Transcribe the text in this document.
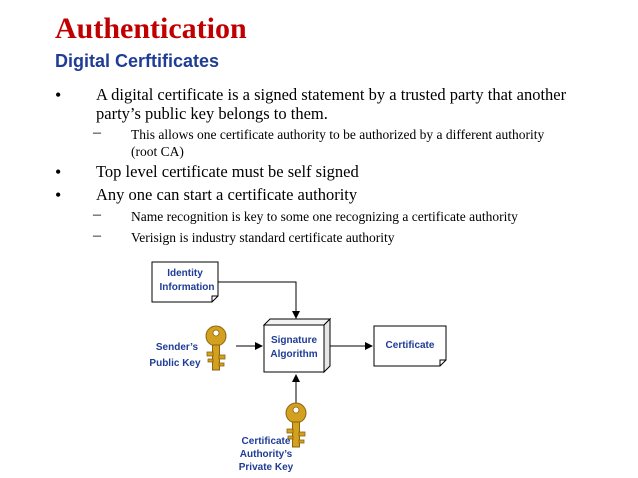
Authentication
Digital Cerftificates
• A digital certificate is a signed statement by a trusted party that another
party’s public key belongs to them.
– This allows one certificate authority to be authorized by a different authority
(root CA)
• Top level certificate must be self signed
• Any one can start a certificate authority
– Name recognition is key to some one recognizing a certificate authority
– Verisign is industry standard certificate authority
Identity
Information
Signature
Algorithm
Certificate
Sender’s
Public Key
Certificate
Authority’s
Private Key
